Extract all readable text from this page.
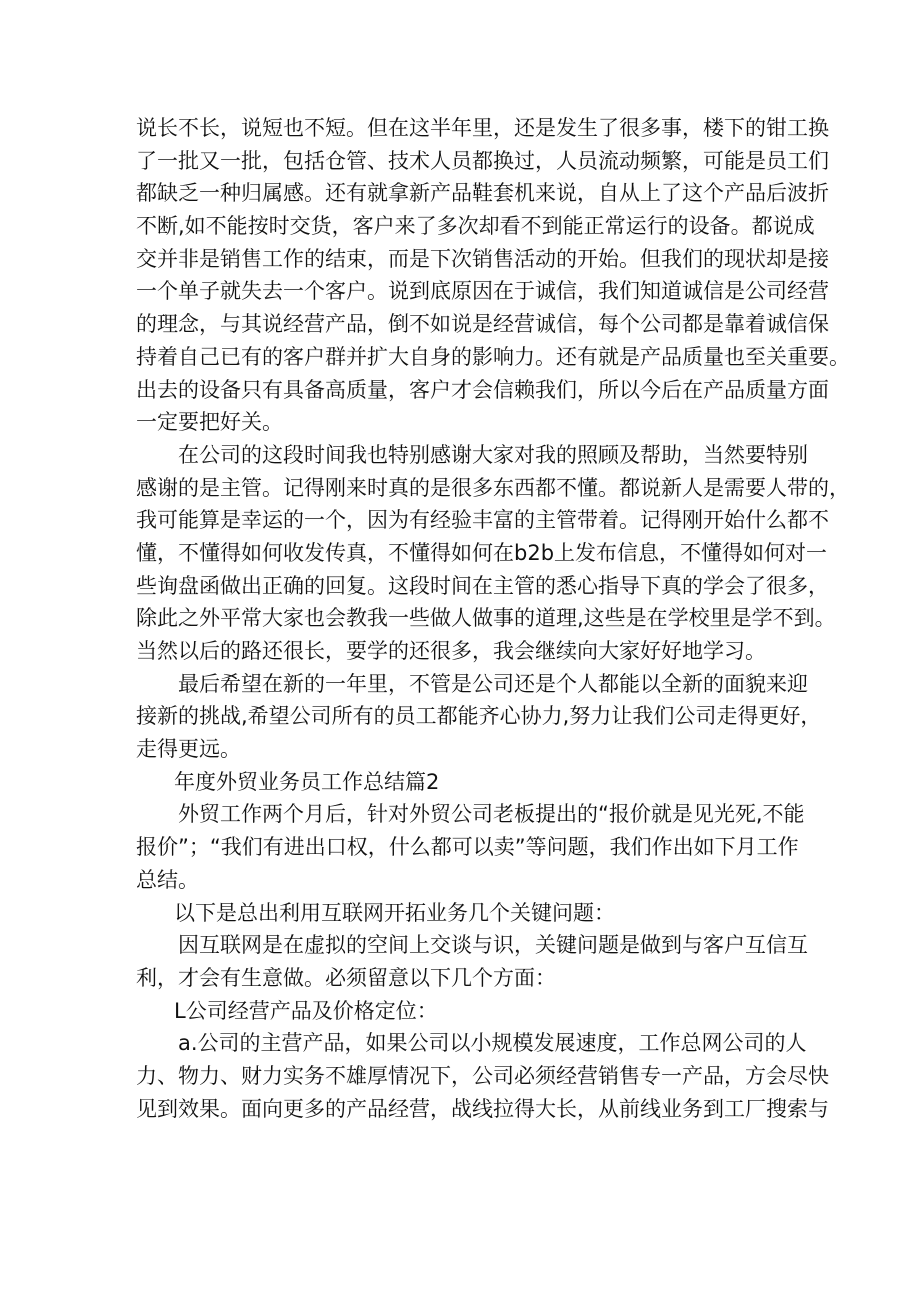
说长不长，说短也不短。但在这半年里，还是发生了很多事，楼下的钳工换
了一批又一批，包括仓管、技术人员都换过，人员流动频繁，可能是员工们
都缺乏一种归属感。还有就拿新产品鞋套机来说，自从上了这个产品后波折
不断,如不能按时交货，客户来了多次却看不到能正常运行的设备。都说成
交并非是销售工作的结束，而是下次销售活动的开始。但我们的现状却是接
一个单子就失去一个客户。说到底原因在于诚信，我们知道诚信是公司经营
的理念，与其说经营产品，倒不如说是经营诚信，每个公司都是靠着诚信保
持着自己已有的客户群并扩大自身的影响力。还有就是产品质量也至关重要。
出去的设备只有具备高质量，客户才会信赖我们，所以今后在产品质量方面
一定要把好关。

在公司的这段时间我也特别感谢大家对我的照顾及帮助，当然要特别
感谢的是主管。记得刚来时真的是很多东西都不懂。都说新人是需要人带的，
我可能算是幸运的一个，因为有经验丰富的主管带着。记得刚开始什么都不
懂，不懂得如何收发传真，不懂得如何在b2b上发布信息，不懂得如何对一
些询盘函做出正确的回复。这段时间在主管的悉心指导下真的学会了很多，
除此之外平常大家也会教我一些做人做事的道理,这些是在学校里是学不到。
当然以后的路还很长，要学的还很多，我会继续向大家好好地学习。

最后希望在新的一年里，不管是公司还是个人都能以全新的面貌来迎
接新的挑战,希望公司所有的员工都能齐心协力,努力让我们公司走得更好，
走得更远。

年度外贸业务员工作总结篇2

外贸工作两个月后，针对外贸公司老板提出的“报价就是见光死,不能
报价”；“我们有进出口权，什么都可以卖”等问题，我们作出如下月工作
总结。

以下是总出利用互联网开拓业务几个关键问题：

因互联网是在虚拟的空间上交谈与识，关键问题是做到与客户互信互
利，才会有生意做。必须留意以下几个方面：

L公司经营产品及价格定位：

a.公司的主营产品，如果公司以小规模发展速度，工作总网公司的人
力、物力、财力实务不雄厚情况下，公司必须经营销售专一产品，方会尽快
见到效果。面向更多的产品经营，战线拉得大长，从前线业务到工厂搜索与
